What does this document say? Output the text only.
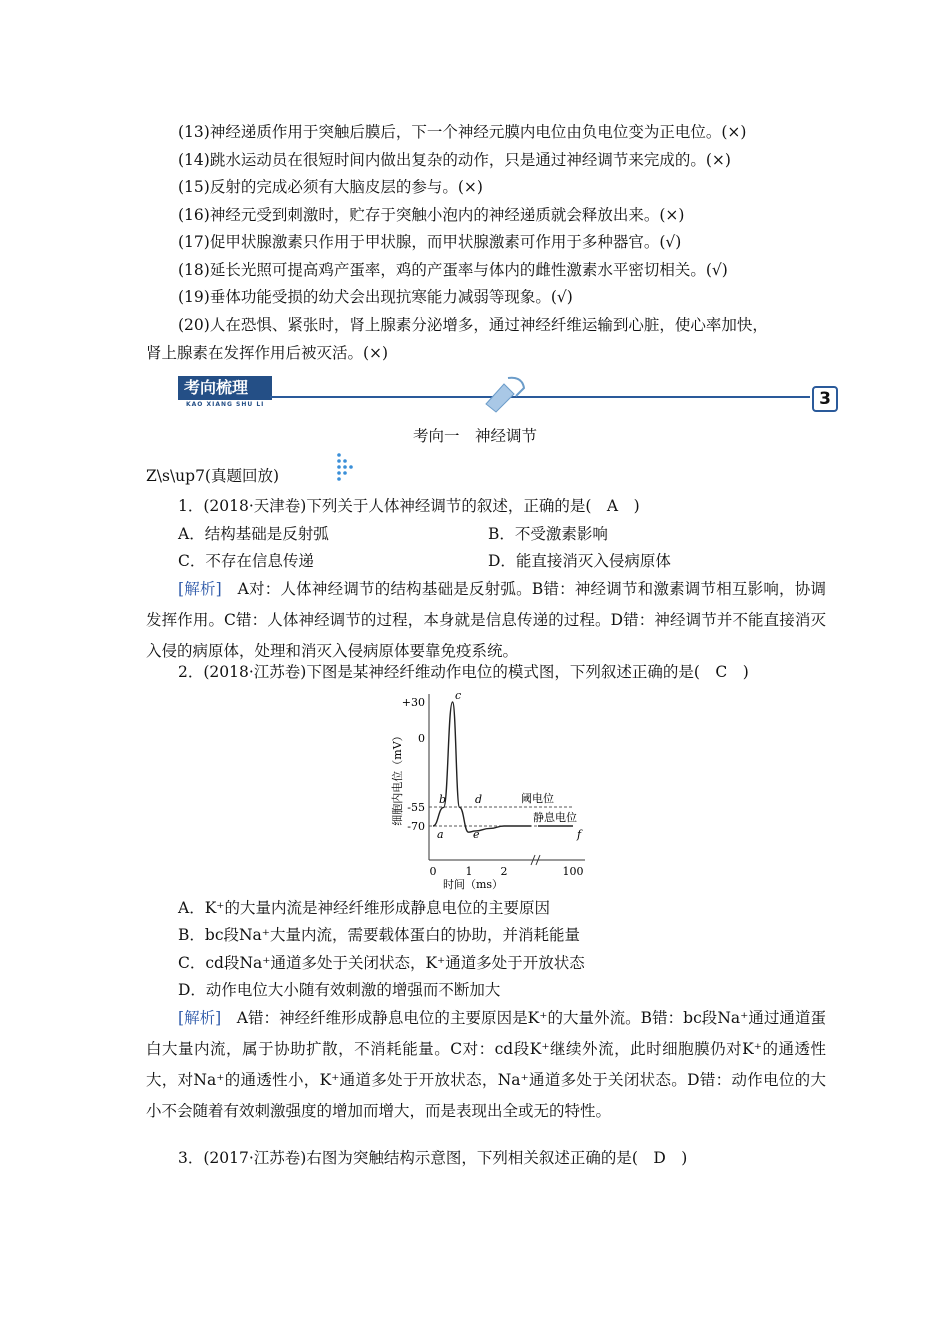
(13)神经递质作用于突触后膜后，下一个神经元膜内电位由负电位变为正电位。(×)
(14)跳水运动员在很短时间内做出复杂的动作，只是通过神经调节来完成的。(×)
(15)反射的完成必须有大脑皮层的参与。(×)
(16)神经元受到刺激时，贮存于突触小泡内的神经递质就会释放出来。(×)
(17)促甲状腺激素只作用于甲状腺，而甲状腺激素可作用于多种器官。(√)
(18)延长光照可提高鸡产蛋率，鸡的产蛋率与体内的雌性激素水平密切相关。(√)
(19)垂体功能受损的幼犬会出现抗寒能力减弱等现象。(√)
(20)人在恐惧、紧张时，肾上腺素分泌增多，通过神经纤维运输到心脏，使心率加快，
肾上腺素在发挥作用后被灭活。(×)
考向梳理
KAO XIANG SHU LI	3
考向一　神经调节
Z\s\up7(真题回放)
1．(2018·天津卷)下列关于人体神经调节的叙述，正确的是(　A　)
A．结构基础是反射弧	B．不受激素影响
C．不存在信息传递	D．能直接消灭入侵病原体
[解析]　 A对：人体神经调节的结构基础是反射弧。B错：神经调节和激素调节相互影响，协调发挥作用。C错：人体神经调节的过程，本身就是信息传递的过程。D错：神经调节并不能直接消灭入侵的病原体，处理和消灭入侵病原体要靠免疫系统。
2．(2018·江苏卷)下图是某神经纤维动作电位的模式图，下列叙述正确的是(　C　)
+30
0
-55
-70
0	1	2	100
时间（ms）
细胞内电位（mV）
a
b
c
d
e	f
阈电位
静息电位
A．K⁺的大量内流是神经纤维形成静息电位的主要原因
B．bc段Na⁺大量内流，需要载体蛋白的协助，并消耗能量
C．cd段Na⁺通道多处于关闭状态，K⁺通道多处于开放状态
D．动作电位大小随有效刺激的增强而不断加大
[解析]　 A错：神经纤维形成静息电位的主要原因是K⁺的大量外流。B错：bc段Na⁺通过通道蛋白大量内流，属于协助扩散，不消耗能量。C对：cd段K⁺继续外流，此时细胞膜仍对K⁺的通透性大，对Na⁺的通透性小，K⁺通道多处于开放状态，Na⁺通道多处于关闭状态。D错：动作电位的大小不会随着有效刺激强度的增加而增大，而是表现出全或无的特性。
3．(2017·江苏卷)右图为突触结构示意图，下列相关叙述正确的是(　D　)
